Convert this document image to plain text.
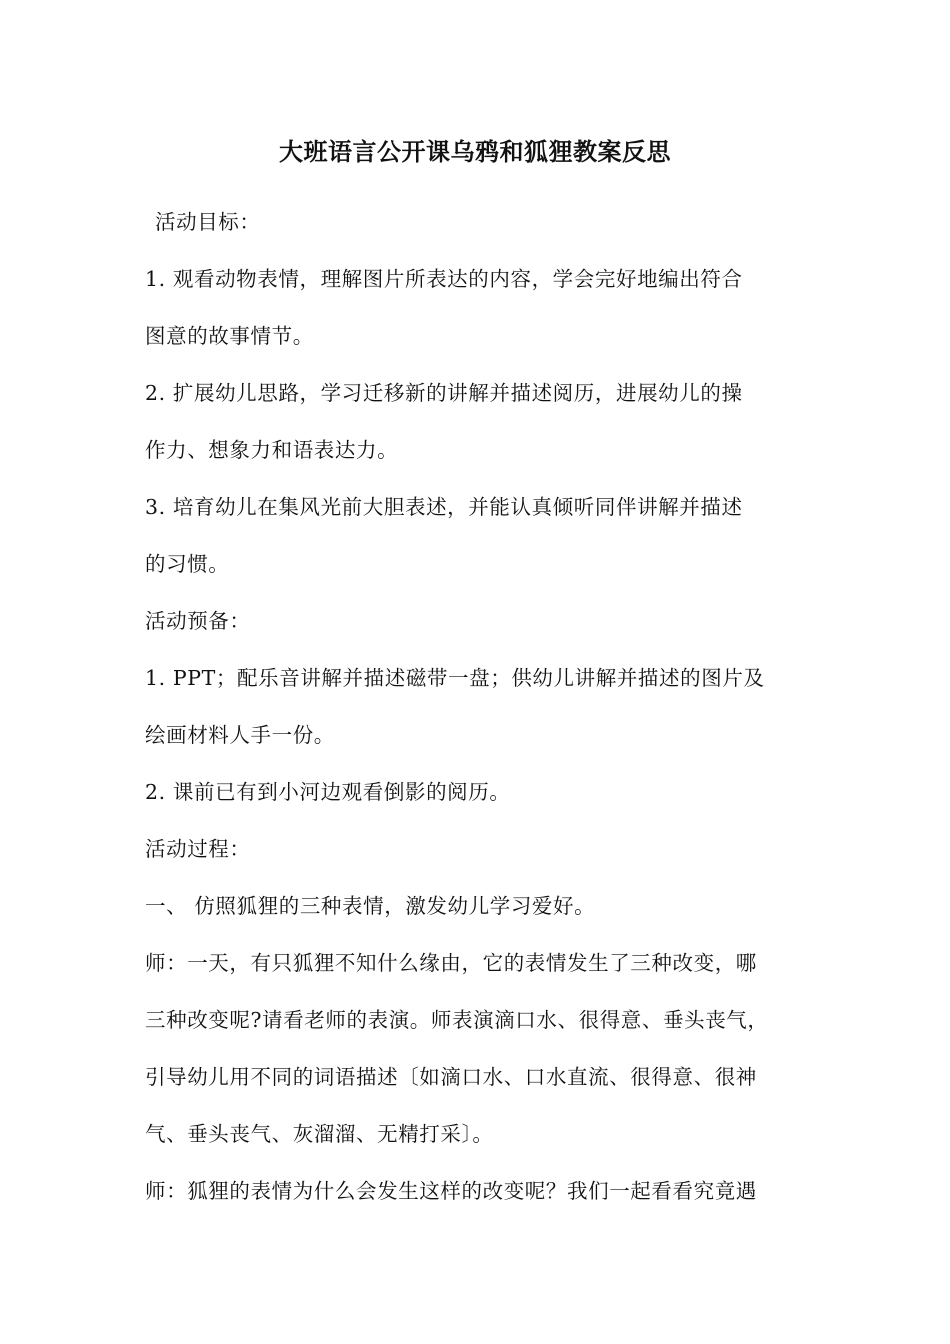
大班语言公开课乌鸦和狐狸教案反思
活动目标：
1. 观看动物表情，理解图片所表达的内容，学会完好地编出符合
图意的故事情节。
2. 扩展幼儿思路，学习迁移新的讲解并描述阅历，进展幼儿的操
作力、想象力和语表达力。
3. 培育幼儿在集风光前大胆表述，并能认真倾听同伴讲解并描述
的习惯。
活动预备：
1. PPT；配乐音讲解并描述磁带一盘；供幼儿讲解并描述的图片及
绘画材料人手一份。
2. 课前已有到小河边观看倒影的阅历。
活动过程：
一、 仿照狐狸的三种表情，激发幼儿学习爱好。
师：一天，有只狐狸不知什么缘由，它的表情发生了三种改变，哪
三种改变呢?请看老师的表演。师表演滴口水、很得意、垂头丧气，
引导幼儿用不同的词语描述〔如滴口水、口水直流、很得意、很神
气、垂头丧气、灰溜溜、无精打采〕。
师：狐狸的表情为什么会发生这样的改变呢？我们一起看看究竟遇
